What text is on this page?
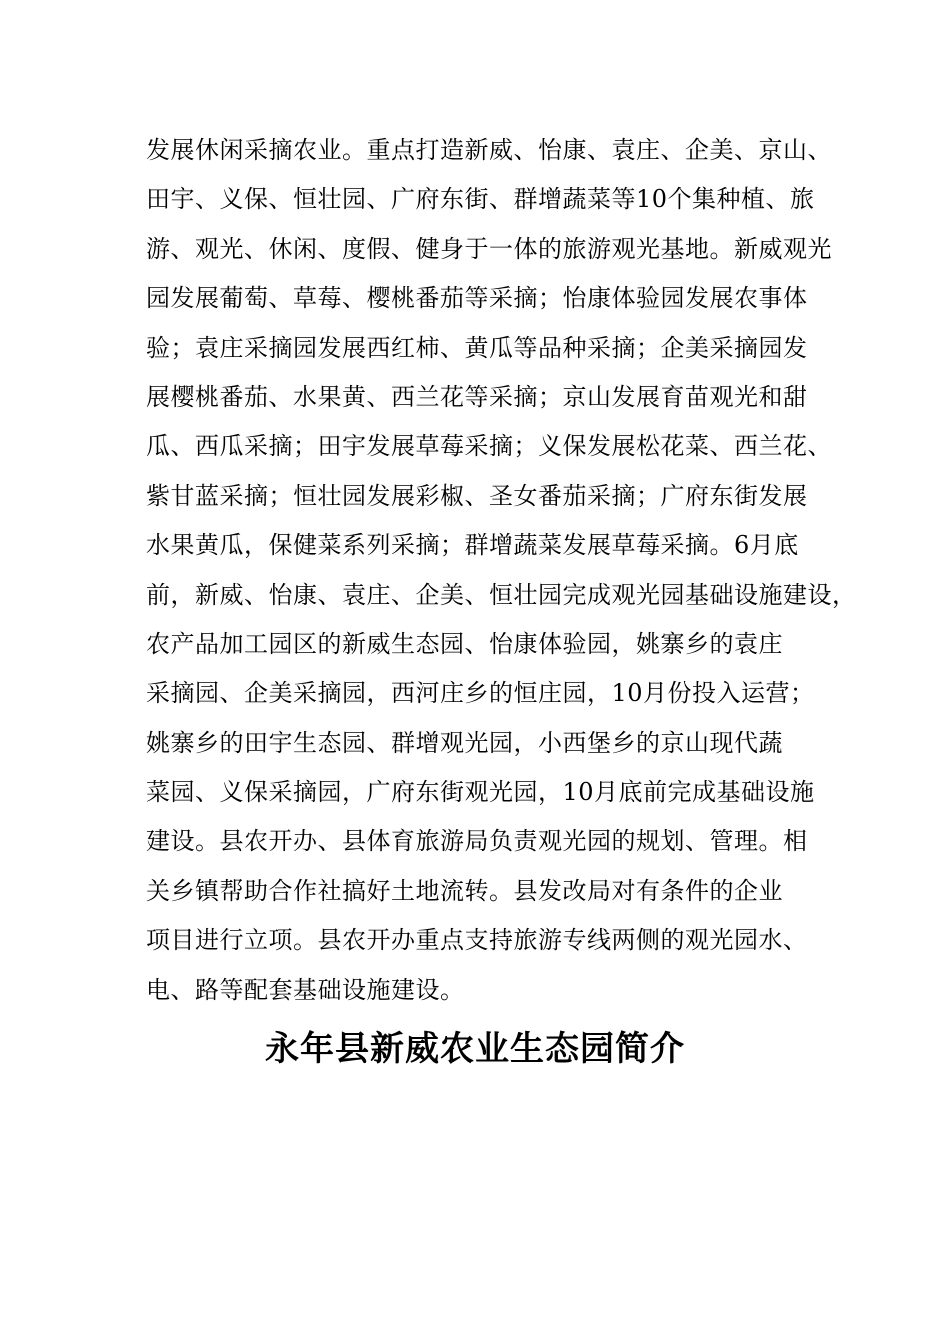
发展休闲采摘农业。重点打造新威、怡康、袁庄、企美、京山、
田宇、义保、恒壮园、广府东街、群增蔬菜等10个集种植、旅
游、观光、休闲、度假、健身于一体的旅游观光基地。新威观光
园发展葡萄、草莓、樱桃番茄等采摘；怡康体验园发展农事体
验；袁庄采摘园发展西红柿、黄瓜等品种采摘；企美采摘园发
展樱桃番茄、水果黄、西兰花等采摘；京山发展育苗观光和甜
瓜、西瓜采摘；田宇发展草莓采摘；义保发展松花菜、西兰花、
紫甘蓝采摘；恒壮园发展彩椒、圣女番茄采摘；广府东街发展
水果黄瓜，保健菜系列采摘；群增蔬菜发展草莓采摘。6月底
前，新威、怡康、袁庄、企美、恒壮园完成观光园基础设施建设，
农产品加工园区的新威生态园、怡康体验园，姚寨乡的袁庄
采摘园、企美采摘园，西河庄乡的恒庄园，10月份投入运营；
姚寨乡的田宇生态园、群增观光园，小西堡乡的京山现代蔬
菜园、义保采摘园，广府东街观光园，10月底前完成基础设施
建设。县农开办、县体育旅游局负责观光园的规划、管理。相
关乡镇帮助合作社搞好土地流转。县发改局对有条件的企业
项目进行立项。县农开办重点支持旅游专线两侧的观光园水、
电、路等配套基础设施建设。
永年县新威农业生态园简介
